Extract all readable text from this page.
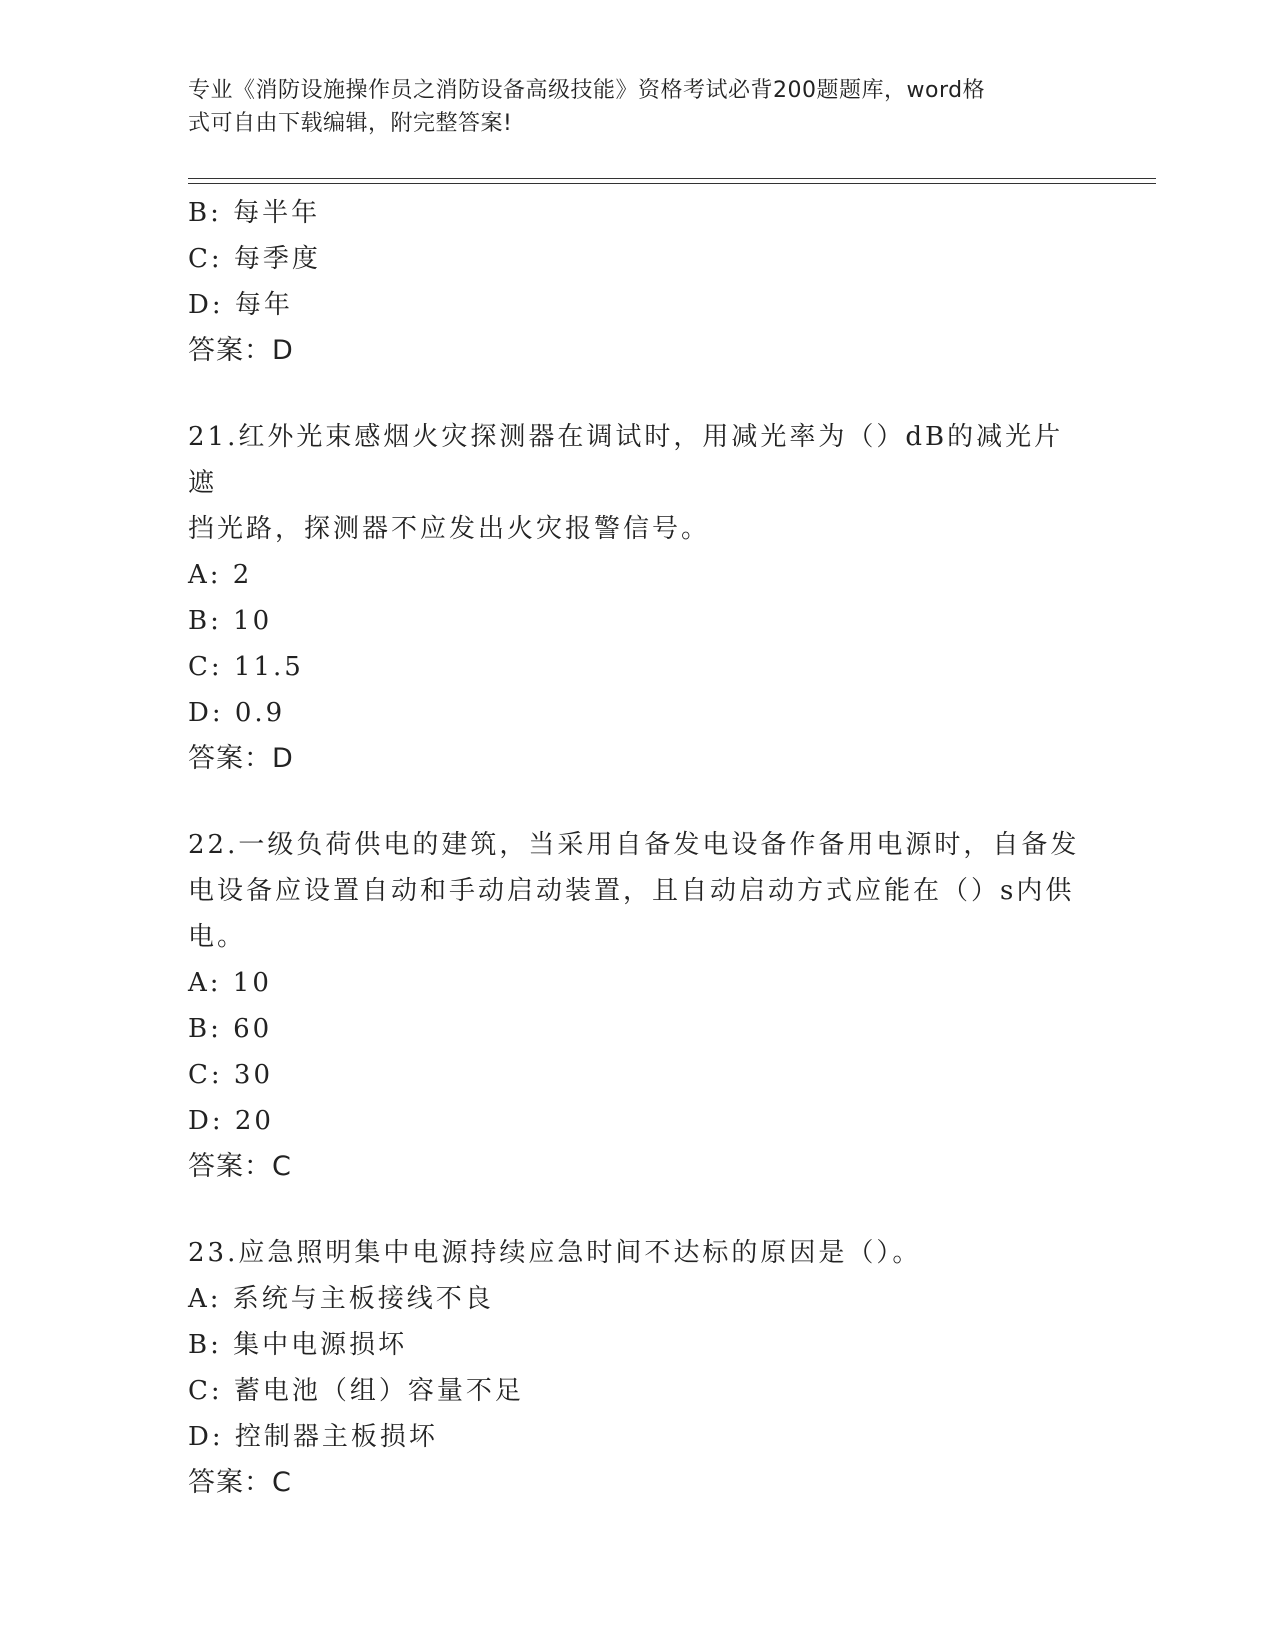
专业《消防设施操作员之消防设备高级技能》资格考试必背200题题库，word格
式可自由下载编辑，附完整答案!
B: 每半年
C: 每季度
D: 每年
答案：D
21.红外光束感烟火灾探测器在调试时，用减光率为（）dB的减光片遮
挡光路，探测器不应发出火灾报警信号。
A: 2
B: 10
C: 11.5
D: 0.9
答案：D
22.一级负荷供电的建筑，当采用自备发电设备作备用电源时，自备发
电设备应设置自动和手动启动装置，且自动启动方式应能在（）s内供
电。
A: 10
B: 60
C: 30
D: 20
答案：C
23.应急照明集中电源持续应急时间不达标的原因是（）。
A: 系统与主板接线不良
B: 集中电源损坏
C: 蓄电池（组）容量不足
D: 控制器主板损坏
答案：C
